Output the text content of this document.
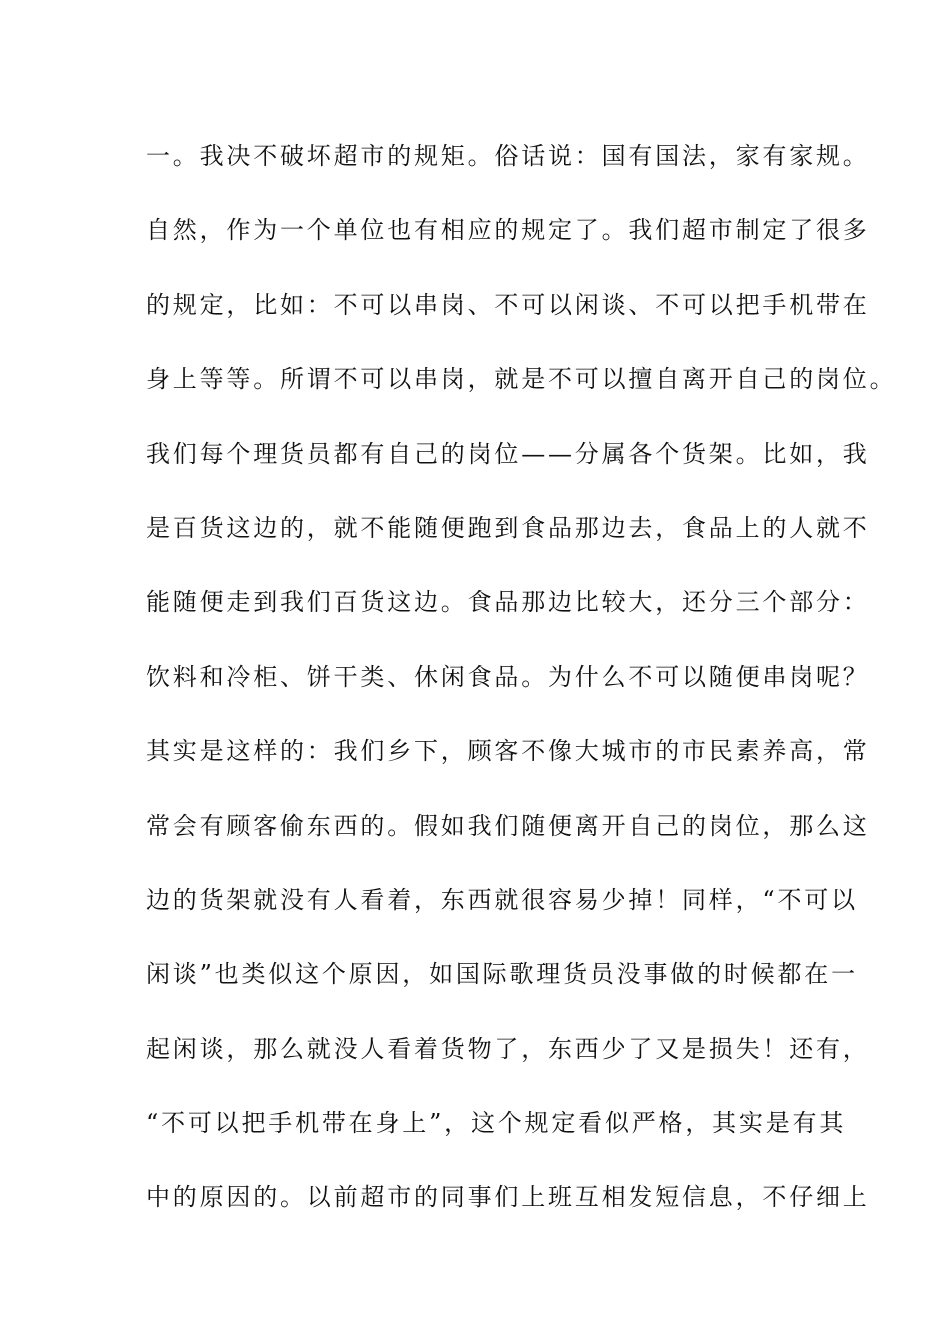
一。我决不破坏超市的规矩。俗话说：国有国法，家有家规。
自然，作为一个单位也有相应的规定了。我们超市制定了很多
的规定，比如：不可以串岗、不可以闲谈、不可以把手机带在
身上等等。所谓不可以串岗，就是不可以擅自离开自己的岗位。
我们每个理货员都有自己的岗位——分属各个货架。比如，我
是百货这边的，就不能随便跑到食品那边去，食品上的人就不
能随便走到我们百货这边。食品那边比较大，还分三个部分：
饮料和冷柜、饼干类、休闲食品。为什么不可以随便串岗呢？
其实是这样的：我们乡下，顾客不像大城市的市民素养高，常
常会有顾客偷东西的。假如我们随便离开自己的岗位，那么这
边的货架就没有人看着，东西就很容易少掉！同样，“不可以
闲谈”也类似这个原因，如国际歌理货员没事做的时候都在一
起闲谈，那么就没人看着货物了，东西少了又是损失！还有，
“不可以把手机带在身上”，这个规定看似严格，其实是有其
中的原因的。以前超市的同事们上班互相发短信息，不仔细上
